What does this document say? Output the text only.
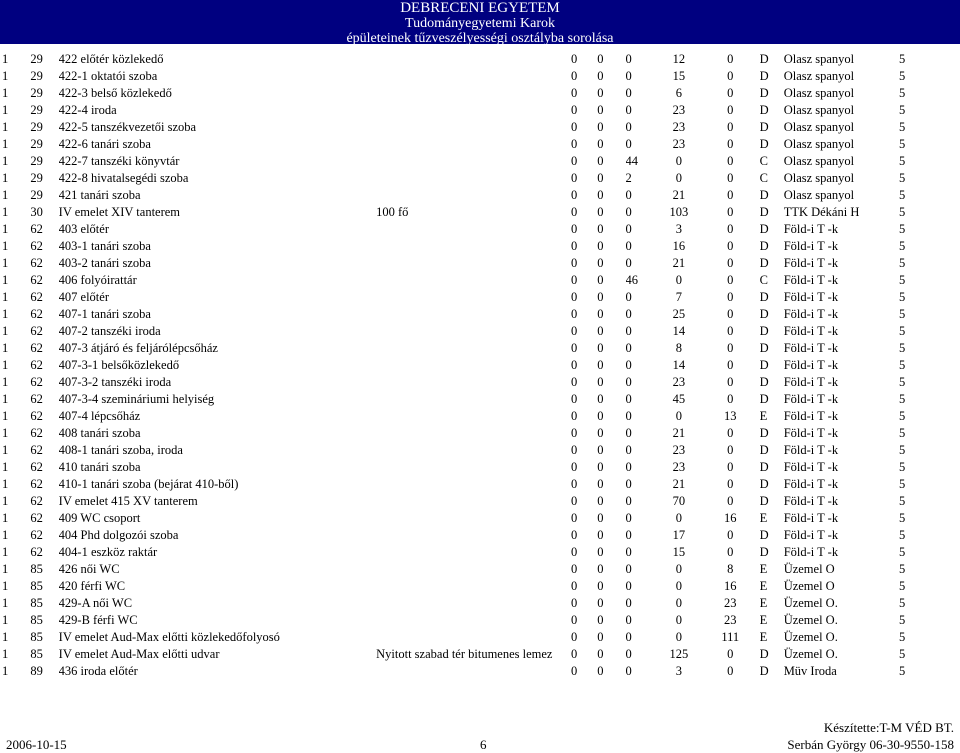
DEBRECENI EGYETEM
Tudományegyetemi Karok
épületeinek tűzveszélyességi osztályba sorolása
1	29	422 előtér közlekedő		0	0	0	12	0	D	Olasz spanyol	5
1	29	422-1 oktatói szoba		0	0	0	15	0	D	Olasz spanyol	5
1	29	422-3 belső közlekedő		0	0	0	6	0	D	Olasz spanyol	5
1	29	422-4 iroda		0	0	0	23	0	D	Olasz spanyol	5
1	29	422-5 tanszékvezetői szoba		0	0	0	23	0	D	Olasz spanyol	5
1	29	422-6 tanári szoba		0	0	0	23	0	D	Olasz spanyol	5
1	29	422-7 tanszéki könyvtár		0	0	44	0	0	C	Olasz spanyol	5
1	29	422-8 hivatalsegédi szoba		0	0	2	0	0	C	Olasz spanyol	5
1	29	421 tanári szoba		0	0	0	21	0	D	Olasz spanyol	5
1	30	IV emelet XIV tanterem	100 fő	0	0	0	103	0	D	TTK Dékáni H	5
1	62	403 előtér		0	0	0	3	0	D	Föld-i T -k	5
1	62	403-1 tanári szoba		0	0	0	16	0	D	Föld-i T -k	5
1	62	403-2 tanári szoba		0	0	0	21	0	D	Föld-i T -k	5
1	62	406 folyóirattár		0	0	46	0	0	C	Föld-i T -k	5
1	62	407 előtér		0	0	0	7	0	D	Föld-i T -k	5
1	62	407-1 tanári szoba		0	0	0	25	0	D	Föld-i T -k	5
1	62	407-2 tanszéki iroda		0	0	0	14	0	D	Föld-i T -k	5
1	62	407-3 átjáró és feljárólépcsőház		0	0	0	8	0	D	Föld-i T -k	5
1	62	407-3-1 belsőközlekedő		0	0	0	14	0	D	Föld-i T -k	5
1	62	407-3-2 tanszéki iroda		0	0	0	23	0	D	Föld-i T -k	5
1	62	407-3-4 szemináriumi helyiség		0	0	0	45	0	D	Föld-i T -k	5
1	62	407-4 lépcsőház		0	0	0	0	13	E	Föld-i T -k	5
1	62	408 tanári szoba		0	0	0	21	0	D	Föld-i T -k	5
1	62	408-1 tanári szoba, iroda		0	0	0	23	0	D	Föld-i T -k	5
1	62	410 tanári szoba		0	0	0	23	0	D	Föld-i T -k	5
1	62	410-1 tanári szoba (bejárat 410-ből)		0	0	0	21	0	D	Föld-i T -k	5
1	62	IV emelet 415 XV tanterem		0	0	0	70	0	D	Föld-i T -k	5
1	62	409 WC csoport		0	0	0	0	16	E	Föld-i T -k	5
1	62	404 Phd dolgozói szoba		0	0	0	17	0	D	Föld-i T -k	5
1	62	404-1 eszköz raktár		0	0	0	15	0	D	Föld-i T -k	5
1	85	426 női WC		0	0	0	0	8	E	Üzemel O	5
1	85	420 férfi WC		0	0	0	0	16	E	Üzemel O	5
1	85	429-A női WC		0	0	0	0	23	E	Üzemel O.	5
1	85	429-B férfi WC		0	0	0	0	23	E	Üzemel O.	5
1	85	IV emelet Aud-Max előtti közlekedőfolyosó		0	0	0	0	111	E	Üzemel O.	5
1	85	IV emelet Aud-Max előtti udvar	Nyitott szabad tér bitumenes lemez	0	0	0	125	0	D	Üzemel O.	5
1	89	436 iroda előtér		0	0	0	3	0	D	Müv Iroda	5
2006-10-15	6
Készítette:T-M VÉD BT.
Serbán György 06-30-9550-158
